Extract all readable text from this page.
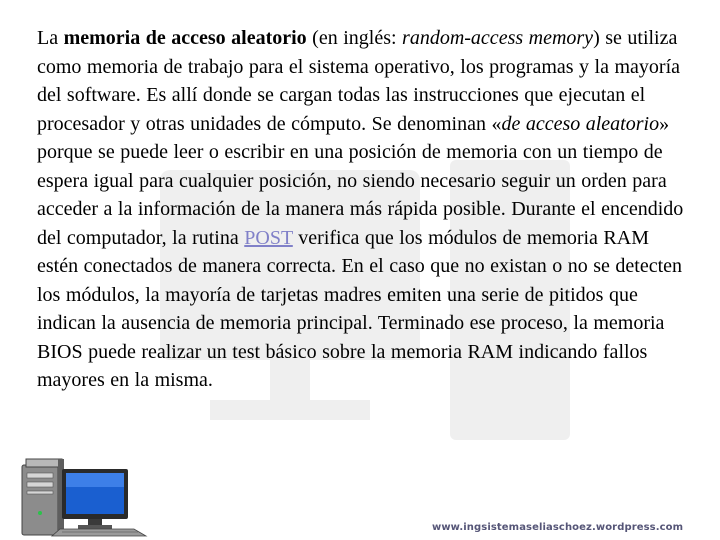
La memoria de acceso aleatorio (en inglés: random-access memory) se utiliza como memoria de trabajo para el sistema operativo, los programas y la mayoría del software. Es allí donde se cargan todas las instrucciones que ejecutan el procesador y otras unidades de cómputo. Se denominan «de acceso aleatorio» porque se puede leer o escribir en una posición de memoria con un tiempo de espera igual para cualquier posición, no siendo necesario seguir un orden para acceder a la información de la manera más rápida posible. Durante el encendido del computador, la rutina POST verifica que los módulos de memoria RAM estén conectados de manera correcta. En el caso que no existan o no se detecten los módulos, la mayoría de tarjetas madres emiten una serie de pitidos que indican la ausencia de memoria principal. Terminado ese proceso, la memoria BIOS puede realizar un test básico sobre la memoria RAM indicando fallos mayores en la misma.

www.ingsistemaseliaschoez.wordpress.com
